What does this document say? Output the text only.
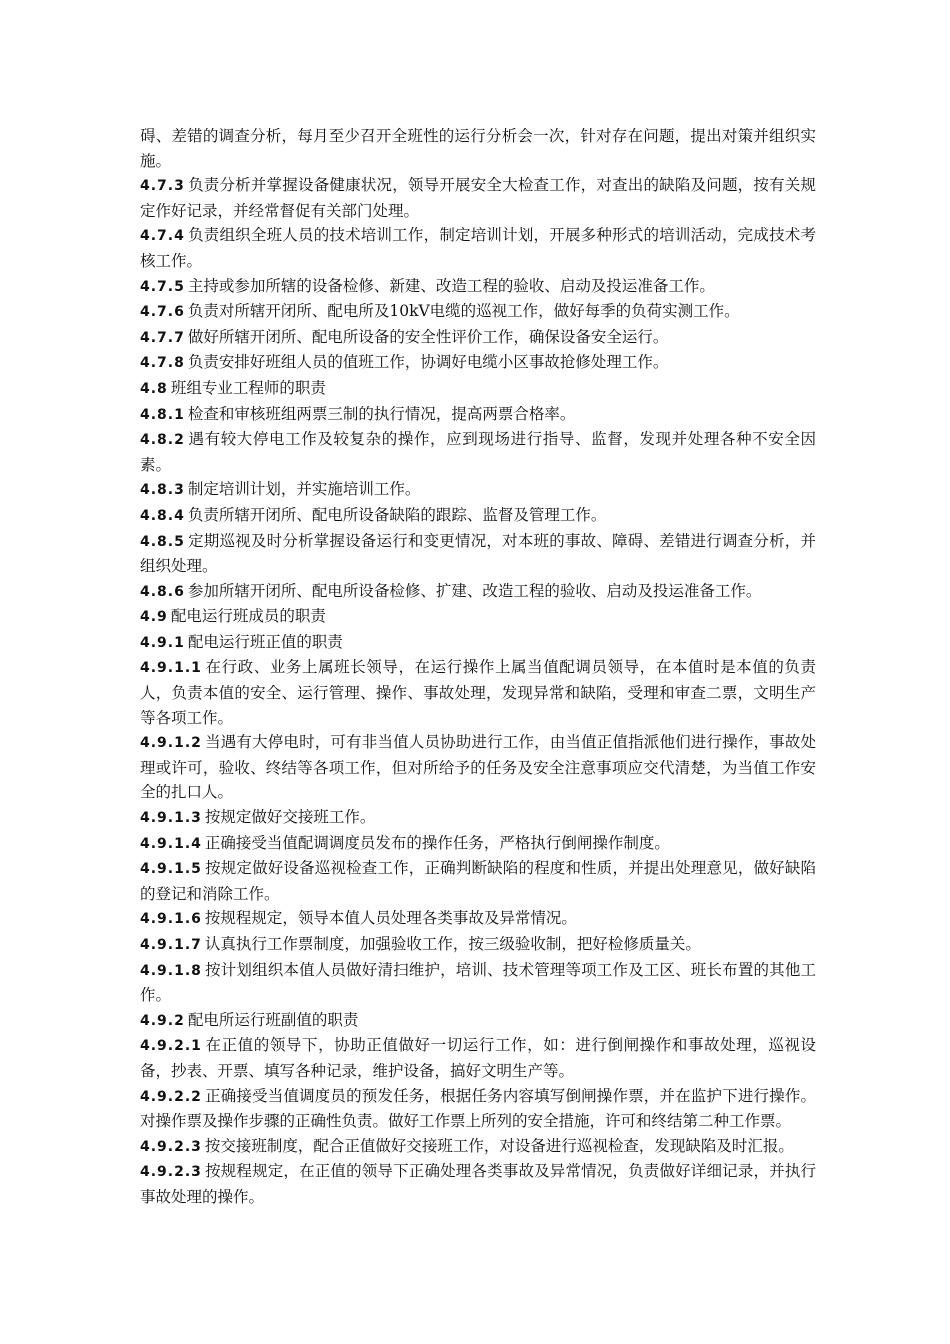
碍、差错的调查分析，每月至少召开全班性的运行分析会一次，针对存在问题，提出对策并组织实施。

4.7.3 负责分析并掌握设备健康状况，领导开展安全大检查工作，对查出的缺陷及问题，按有关规定作好记录，并经常督促有关部门处理。

4.7.4 负责组织全班人员的技术培训工作，制定培训计划，开展多种形式的培训活动，完成技术考核工作。

4.7.5 主持或参加所辖的设备检修、新建、改造工程的验收、启动及投运准备工作。

4.7.6 负责对所辖开闭所、配电所及10kV电缆的巡视工作，做好每季的负荷实测工作。

4.7.7 做好所辖开闭所、配电所设备的安全性评价工作，确保设备安全运行。

4.7.8 负责安排好班组人员的值班工作，协调好电缆小区事故抢修处理工作。

4.8 班组专业工程师的职责

4.8.1 检查和审核班组两票三制的执行情况，提高两票合格率。

4.8.2 遇有较大停电工作及较复杂的操作，应到现场进行指导、监督，发现并处理各种不安全因素。

4.8.3 制定培训计划，并实施培训工作。

4.8.4 负责所辖开闭所、配电所设备缺陷的跟踪、监督及管理工作。

4.8.5 定期巡视及时分析掌握设备运行和变更情况，对本班的事故、障碍、差错进行调查分析，并组织处理。

4.8.6 参加所辖开闭所、配电所设备检修、扩建、改造工程的验收、启动及投运准备工作。

4.9 配电运行班成员的职责

4.9.1 配电运行班正值的职责

4.9.1.1 在行政、业务上属班长领导，在运行操作上属当值配调员领导，在本值时是本值的负责人，负责本值的安全、运行管理、操作、事故处理，发现异常和缺陷，受理和审查二票，文明生产等各项工作。

4.9.1.2 当遇有大停电时，可有非当值人员协助进行工作，由当值正值指派他们进行操作，事故处理或许可，验收、终结等各项工作，但对所给予的任务及安全注意事项应交代清楚，为当值工作安全的扎口人。

4.9.1.3 按规定做好交接班工作。

4.9.1.4 正确接受当值配调调度员发布的操作任务，严格执行倒闸操作制度。

4.9.1.5 按规定做好设备巡视检查工作，正确判断缺陷的程度和性质，并提出处理意见，做好缺陷的登记和消除工作。

4.9.1.6 按规程规定，领导本值人员处理各类事故及异常情况。

4.9.1.7 认真执行工作票制度，加强验收工作，按三级验收制，把好检修质量关。

4.9.1.8 按计划组织本值人员做好清扫维护，培训、技术管理等项工作及工区、班长布置的其他工作。

4.9.2 配电所运行班副值的职责

4.9.2.1 在正值的领导下，协助正值做好一切运行工作，如：进行倒闸操作和事故处理，巡视设备，抄表、开票、填写各种记录，维护设备，搞好文明生产等。

4.9.2.2 正确接受当值调度员的预发任务，根据任务内容填写倒闸操作票，并在监护下进行操作。对操作票及操作步骤的正确性负责。做好工作票上所列的安全措施，许可和终结第二种工作票。

4.9.2.3 按交接班制度，配合正值做好交接班工作，对设备进行巡视检查，发现缺陷及时汇报。

4.9.2.3 按规程规定，在正值的领导下正确处理各类事故及异常情况，负责做好详细记录，并执行事故处理的操作。
